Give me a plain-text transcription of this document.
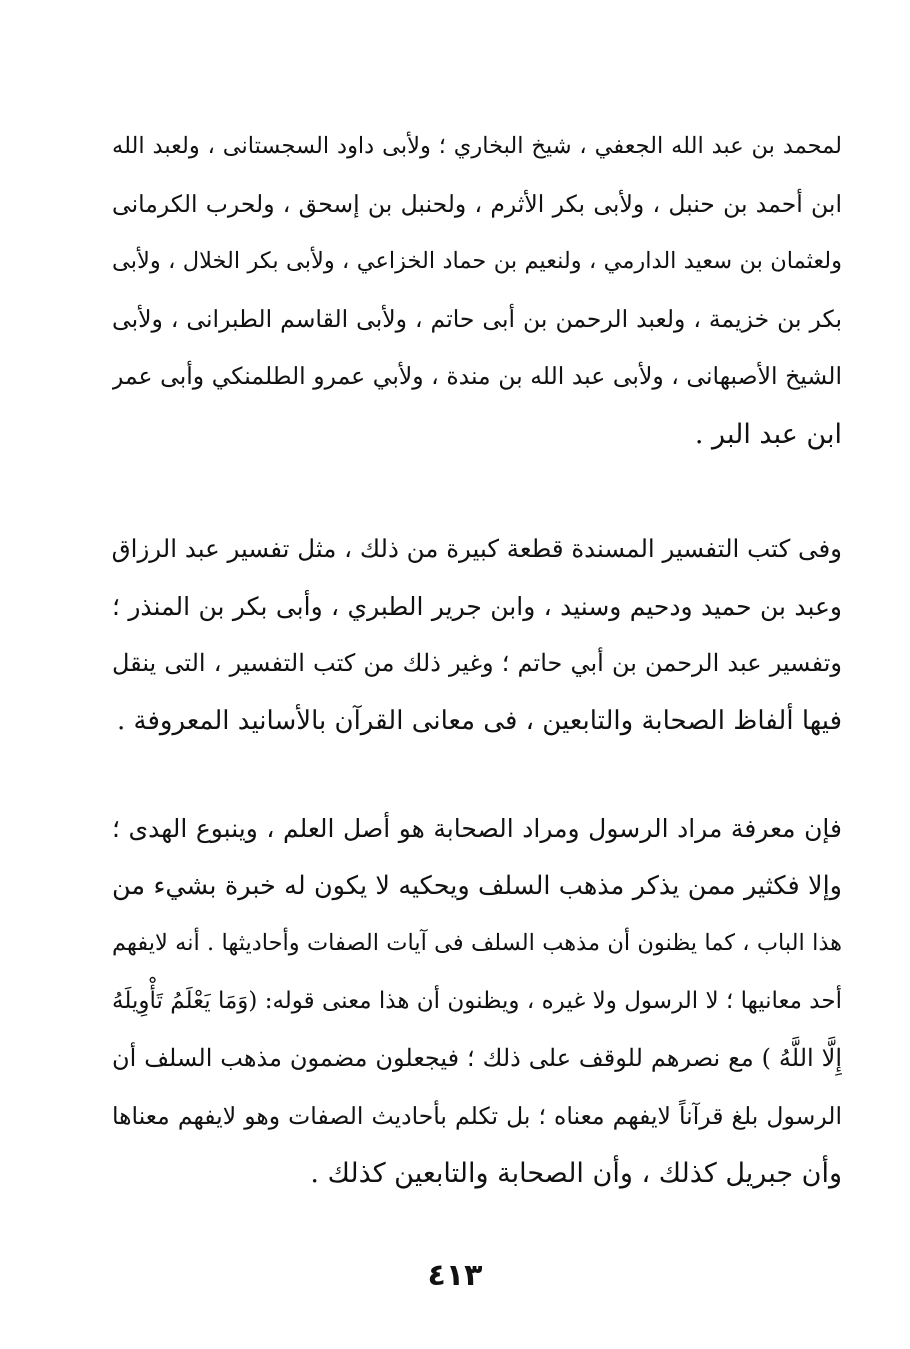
لمحمد بن عبد الله الجعفي ، شيخ البخاري ؛ ولأبى داود السجستانى ، ولعبد الله
ابن أحمد بن حنبل ، ولأبى بكر الأثرم ، ولحنبل بن إسحق ، ولحرب الكرمانى
ولعثمان بن سعيد الدارمي ، ولنعيم بن حماد الخزاعي ، ولأبى بكر الخلال ، ولأبى
بكر بن خزيمة ، ولعبد الرحمن بن أبى حاتم ، ولأبى القاسم الطبرانى ، ولأبى
الشيخ الأصبهانى ، ولأبى عبد الله بن مندة ، ولأبي عمرو الطلمنكي وأبى عمر
ابن عبد البر .
وفى كتب التفسير المسندة قطعة كبيرة من ذلك ، مثل تفسير عبد الرزاق
وعبد بن حميد ودحيم وسنيد ، وابن جرير الطبري ، وأبى بكر بن المنذر ؛
وتفسير عبد الرحمن بن أبي حاتم ؛ وغير ذلك من كتب التفسير ، التى ينقل
فيها ألفاظ الصحابة والتابعين ، فى معانى القرآن بالأسانيد المعروفة .
فإن معرفة مراد الرسول ومراد الصحابة هو أصل العلم ، وينبوع الهدى ؛
وإلا فكثير ممن يذكر مذهب السلف ويحكيه لا يكون له خبرة بشيء من
هذا الباب ، كما يظنون أن مذهب السلف فى آيات الصفات وأحاديثها . أنه لايفهم
أحد معانيها ؛ لا الرسول ولا غيره ، ويظنون أن هذا معنى قوله: (وَمَا يَعْلَمُ تَأْوِيلَهُ
إِلَّا اللَّهُ ) مع نصرهم للوقف على ذلك ؛ فيجعلون مضمون مذهب السلف أن
الرسول بلغ قرآناً لايفهم معناه ؛ بل تكلم بأحاديث الصفات وهو لايفهم معناها
وأن جبريل كذلك ، وأن الصحابة والتابعين كذلك .
٤١٣
